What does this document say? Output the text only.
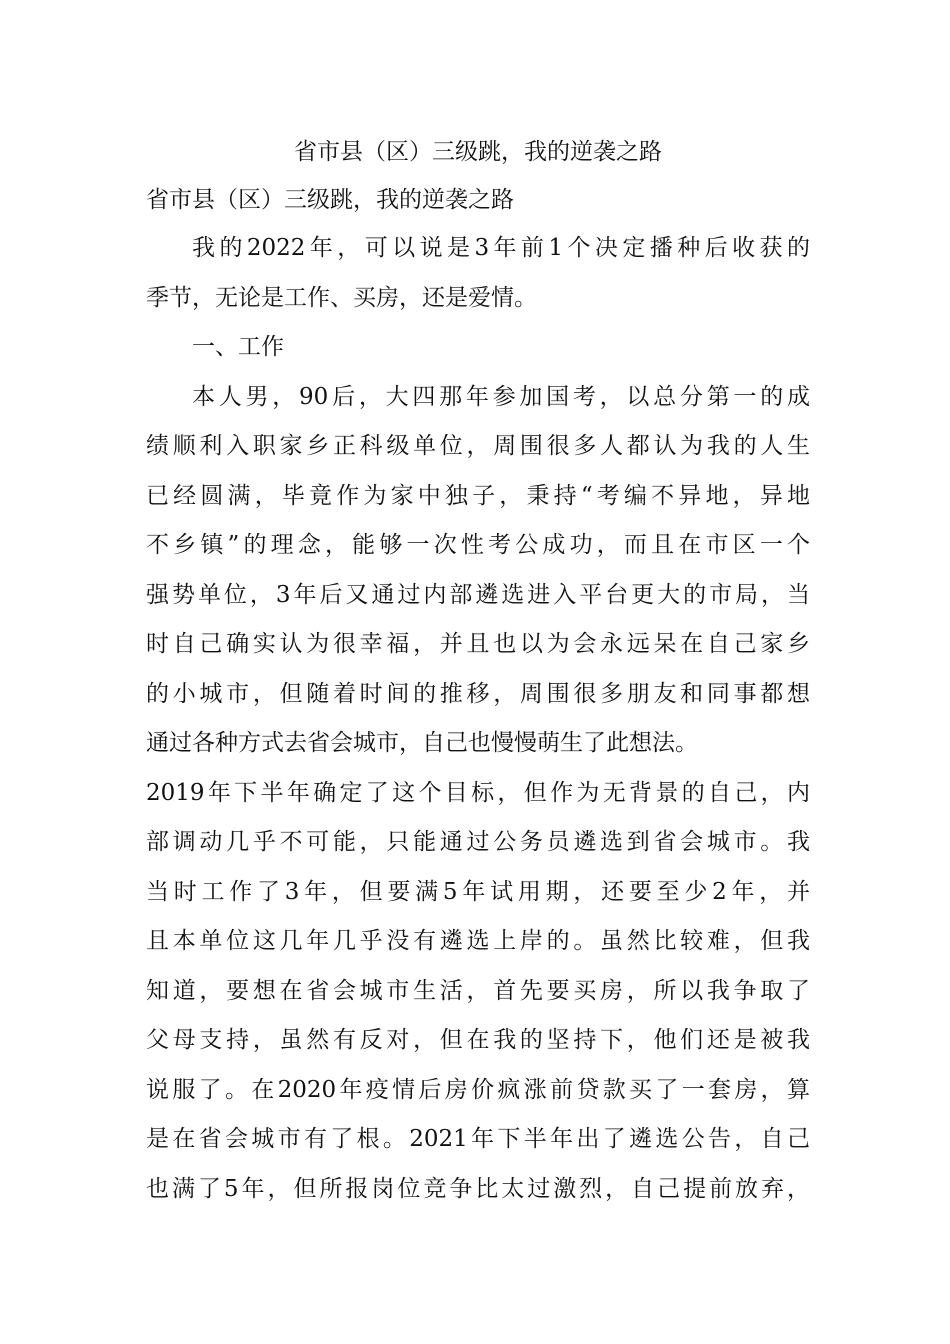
省市县（区）三级跳，我的逆袭之路
省市县（区）三级跳，我的逆袭之路
我的2022年，可以说是3年前1个决定播种后收获的
季节，无论是工作、买房，还是爱情。
一、工作
本人男，90后，大四那年参加国考，以总分第一的成
绩顺利入职家乡正科级单位，周围很多人都认为我的人生
已经圆满，毕竟作为家中独子，秉持“考编不异地，异地
不乡镇”的理念，能够一次性考公成功，而且在市区一个
强势单位，3年后又通过内部遴选进入平台更大的市局，当
时自己确实认为很幸福，并且也以为会永远呆在自己家乡
的小城市，但随着时间的推移，周围很多朋友和同事都想
通过各种方式去省会城市，自己也慢慢萌生了此想法。
2019年下半年确定了这个目标，但作为无背景的自己，内
部调动几乎不可能，只能通过公务员遴选到省会城市。我
当时工作了3年，但要满5年试用期，还要至少2年，并
且本单位这几年几乎没有遴选上岸的。虽然比较难，但我
知道，要想在省会城市生活，首先要买房，所以我争取了
父母支持，虽然有反对，但在我的坚持下，他们还是被我
说服了。在2020年疫情后房价疯涨前贷款买了一套房，算
是在省会城市有了根。2021年下半年出了遴选公告，自己
也满了5年，但所报岗位竞争比太过激烈，自己提前放弃，
